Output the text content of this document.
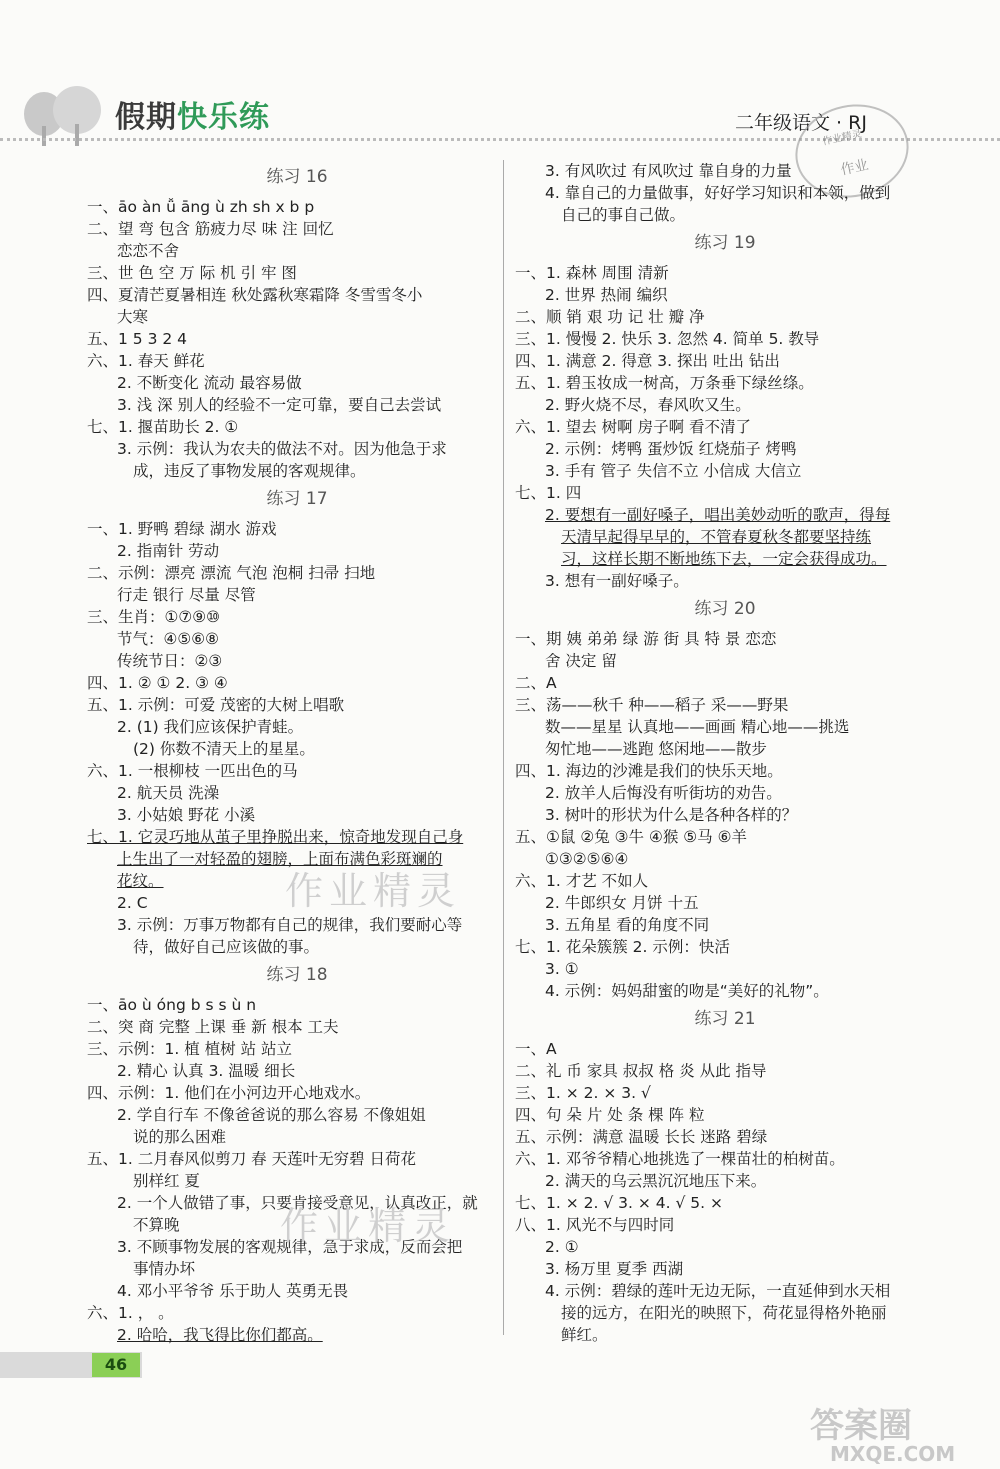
假期快乐练	二年级语文 · RJ
作业精灵
作业
练习 16
一、āo àn ǚ āng ù zh sh x b p
二、望 弯 包含 筋疲力尽 味 注 回忆
恋恋不舍
三、世 色 空 万 际 机 引 牢 图
四、夏清芒夏暑相连 秋处露秋寒霜降 冬雪雪冬小
大寒
五、1 5 3 2 4
六、1. 春天 鲜花
2. 不断变化 流动 最容易做
3. 浅 深 别人的经验不一定可靠，要自己去尝试
七、1. 揠苗助长 2. ①
3. 示例：我认为农夫的做法不对。因为他急于求
成，违反了事物发展的客观规律。
练习 17
一、1. 野鸭 碧绿 湖水 游戏
2. 指南针 劳动
二、示例：漂亮 漂流 气泡 泡桐 扫帚 扫地
行走 银行 尽量 尽管
三、生肖：①⑦⑨⑩
节气：④⑤⑥⑧
传统节日：②③
四、1. ② ① 2. ③ ④
五、1. 示例：可爱 茂密的大树上唱歌
2. (1) 我们应该保护青蛙。
(2) 你数不清天上的星星。
六、1. 一根柳枝 一匹出色的马
2. 航天员 洗澡
3. 小姑娘 野花 小溪
七、1. 它灵巧地从茧子里挣脱出来，惊奇地发现自己身
上生出了一对轻盈的翅膀，上面布满色彩斑斓的
花纹。
2. C
3. 示例：万事万物都有自己的规律，我们要耐心等
待，做好自己应该做的事。
练习 18
一、āo ù óng b s s ù n
二、突 商 完整 上课 垂 新 根本 工夫
三、示例：1. 植 植树 站 站立
2. 精心 认真 3. 温暖 细长
四、示例：1. 他们在小河边开心地戏水。
2. 学自行车 不像爸爸说的那么容易 不像姐姐
说的那么困难
五、1. 二月春风似剪刀 春 天莲叶无穷碧 日荷花
别样红 夏
2. 一个人做错了事，只要肯接受意见，认真改正，就
不算晚
3. 不顾事物发展的客观规律，急于求成，反而会把
事情办坏
4. 邓小平爷爷 乐于助人 英勇无畏
六、1. ， 。
2. 哈哈，我飞得比你们都高。
3. 有风吹过 有风吹过 靠自身的力量
4. 靠自己的力量做事，好好学习知识和本领，做到
自己的事自己做。
练习 19
一、1. 森林 周围 清新
2. 世界 热闹 编织
二、顺 销 艰 功 记 壮 瓣 净
三、1. 慢慢 2. 快乐 3. 忽然 4. 简单 5. 教导
四、1. 满意 2. 得意 3. 探出 吐出 钻出
五、1. 碧玉妆成一树高，万条垂下绿丝绦。
2. 野火烧不尽，春风吹又生。
六、1. 望去 树啊 房子啊 看不清了
2. 示例：烤鸭 蛋炒饭 红烧茄子 烤鸭
3. 手有 管子 失信不立 小信成 大信立
七、1. 四
2. 要想有一副好嗓子，唱出美妙动听的歌声，得每
天清早起得早早的，不管春夏秋冬都要坚持练
习，这样长期不断地练下去，一定会获得成功。
3. 想有一副好嗓子。
练习 20
一、期 姨 弟弟 绿 游 街 具 特 景 恋恋
舍 决定 留
二、A
三、荡——秋千 种——稻子 采——野果
数——星星 认真地——画画 精心地——挑选
匆忙地——逃跑 悠闲地——散步
四、1. 海边的沙滩是我们的快乐天地。
2. 放羊人后悔没有听街坊的劝告。
3. 树叶的形状为什么是各种各样的？
五、①鼠 ②兔 ③牛 ④猴 ⑤马 ⑥羊
①③②⑤⑥④
六、1. 才艺 不如人
2. 牛郎织女 月饼 十五
3. 五角星 看的角度不同
七、1. 花朵簇簇 2. 示例：快活
3. ①
4. 示例：妈妈甜蜜的吻是“美好的礼物”。
练习 21
一、A
二、礼 币 家具 叔叔 格 炎 从此 指导
三、1. × 2. × 3. √
四、句 朵 片 处 条 棵 阵 粒
五、示例：满意 温暖 长长 迷路 碧绿
六、1. 邓爷爷精心地挑选了一棵苗壮的柏树苗。
2. 满天的乌云黑沉沉地压下来。
七、1. × 2. √ 3. × 4. √ 5. ×
八、1. 风光不与四时同
2. ①
3. 杨万里 夏季 西湖
4. 示例：碧绿的莲叶无边无际，一直延伸到水天相
接的远方，在阳光的映照下，荷花显得格外艳丽
鲜红。
作业精灵
作业精灵
46
答案圈
MXQE.COM
